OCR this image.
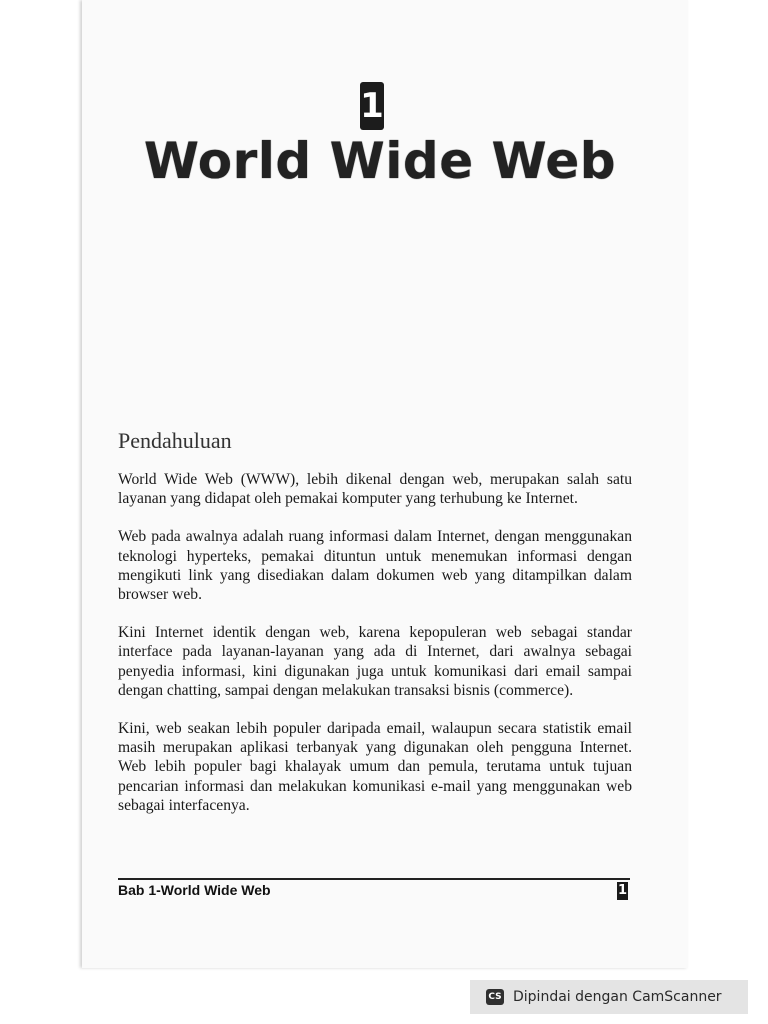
1
World Wide Web
Pendahuluan

World Wide Web (WWW), lebih dikenal dengan web, merupakan salah satu layanan yang didapat oleh pemakai komputer yang terhubung ke Internet.

Web pada awalnya adalah ruang informasi dalam Internet, dengan menggunakan teknologi hyperteks, pemakai dituntun untuk menemukan informasi dengan mengikuti link yang disediakan dalam dokumen web yang ditampilkan dalam browser web.

Kini Internet identik dengan web, karena kepopuleran web sebagai standar interface pada layanan-layanan yang ada di Internet, dari awalnya sebagai penyedia informasi, kini digunakan juga untuk komunikasi dari email sampai dengan chatting, sampai dengan melakukan transaksi bisnis (commerce).

Kini, web seakan lebih populer daripada email, walaupun secara statistik email masih merupakan aplikasi terbanyak yang digunakan oleh pengguna Internet. Web lebih populer bagi khalayak umum dan pemula, terutama untuk tujuan pencarian informasi dan melakukan komunikasi e-mail yang menggunakan web sebagai interfacenya.

Bab 1-World Wide Web	1
CS Dipindai dengan CamScanner
